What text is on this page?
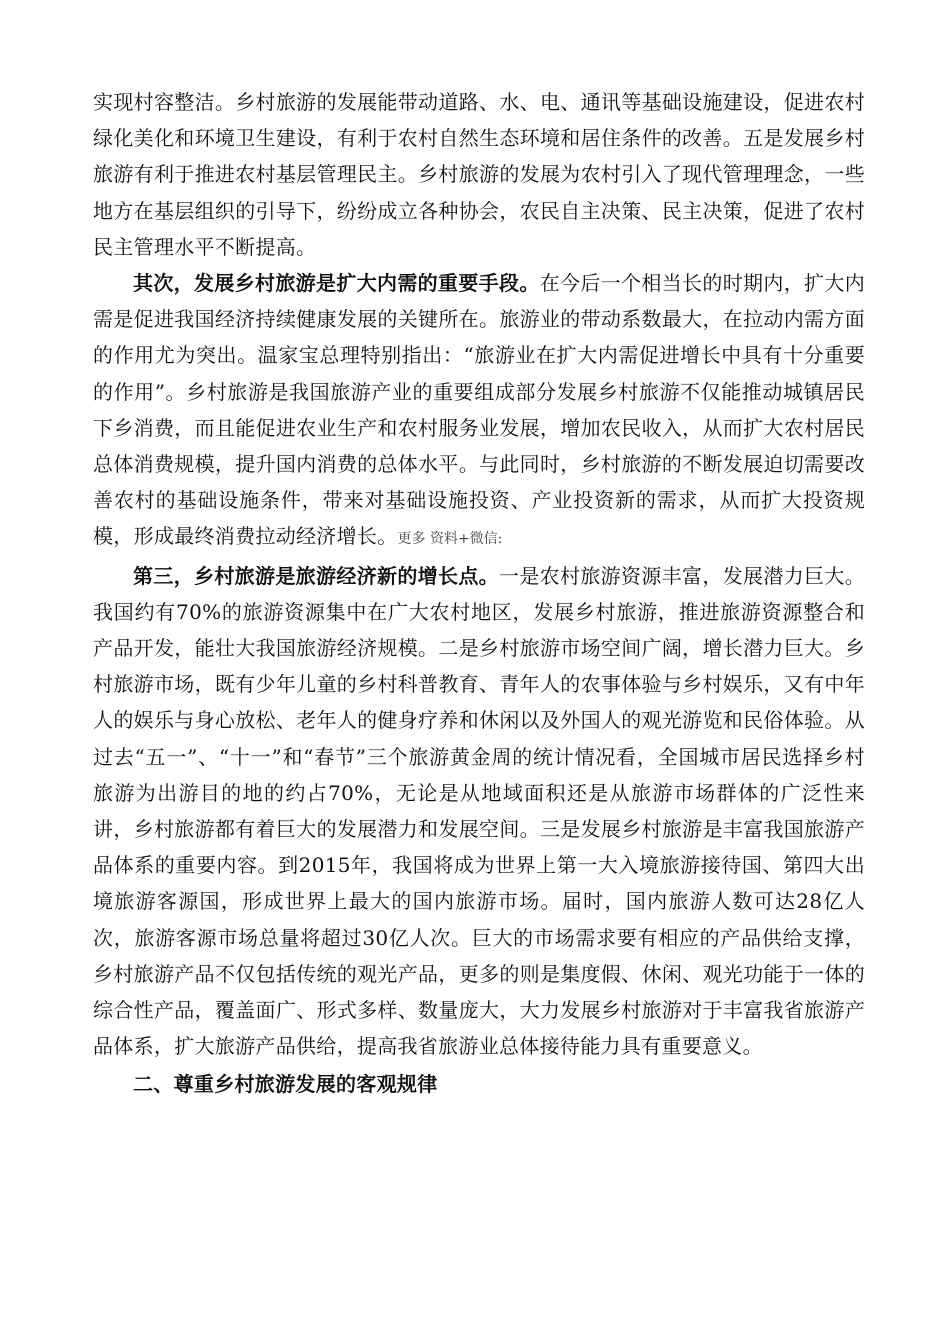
实现村容整洁。乡村旅游的发展能带动道路、水、电、通讯等基础设施建设，促进农村绿化美化和环境卫生建设，有利于农村自然生态环境和居住条件的改善。五是发展乡村旅游有利于推进农村基层管理民主。乡村旅游的发展为农村引入了现代管理理念，一些地方在基层组织的引导下，纷纷成立各种协会，农民自主决策、民主决策，促进了农村民主管理水平不断提高。

其次，发展乡村旅游是扩大内需的重要手段。在今后一个相当长的时期内，扩大内需是促进我国经济持续健康发展的关键所在。旅游业的带动系数最大，在拉动内需方面的作用尤为突出。温家宝总理特别指出：“旅游业在扩大内需促进增长中具有十分重要的作用”。乡村旅游是我国旅游产业的重要组成部分发展乡村旅游不仅能推动城镇居民下乡消费，而且能促进农业生产和农村服务业发展，增加农民收入，从而扩大农村居民总体消费规模，提升国内消费的总体水平。与此同时，乡村旅游的不断发展迫切需要改善农村的基础设施条件，带来对基础设施投资、产业投资新的需求，从而扩大投资规模，形成最终消费拉动经济增长。更多 资料+微信:

第三，乡村旅游是旅游经济新的增长点。一是农村旅游资源丰富，发展潜力巨大。我国约有70%的旅游资源集中在广大农村地区，发展乡村旅游，推进旅游资源整合和产品开发，能壮大我国旅游经济规模。二是乡村旅游市场空间广阔，增长潜力巨大。乡村旅游市场，既有少年儿童的乡村科普教育、青年人的农事体验与乡村娱乐，又有中年人的娱乐与身心放松、老年人的健身疗养和休闲以及外国人的观光游览和民俗体验。从过去“五一”、“十一”和“春节”三个旅游黄金周的统计情况看，全国城市居民选择乡村旅游为出游目的地的约占70%，无论是从地域面积还是从旅游市场群体的广泛性来讲，乡村旅游都有着巨大的发展潜力和发展空间。三是发展乡村旅游是丰富我国旅游产品体系的重要内容。到2015年，我国将成为世界上第一大入境旅游接待国、第四大出境旅游客源国，形成世界上最大的国内旅游市场。届时，国内旅游人数可达28亿人次，旅游客源市场总量将超过30亿人次。巨大的市场需求要有相应的产品供给支撑，乡村旅游产品不仅包括传统的观光产品，更多的则是集度假、休闲、观光功能于一体的综合性产品，覆盖面广、形式多样、数量庞大，大力发展乡村旅游对于丰富我省旅游产品体系，扩大旅游产品供给，提高我省旅游业总体接待能力具有重要意义。

二、尊重乡村旅游发展的客观规律
